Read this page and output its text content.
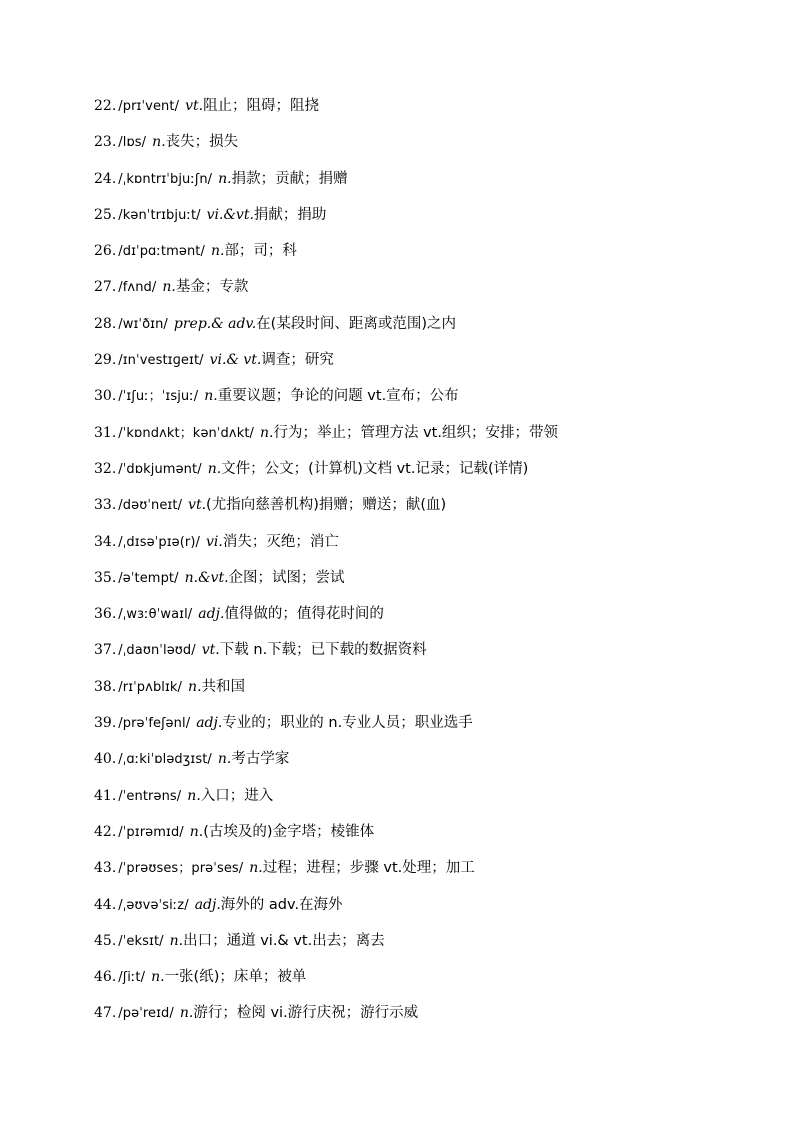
22. /prɪˈvent/ vt.阻止；阻碍；阻挠
23. /lɒs/ n.丧失；损失
24. /ˌkɒntrɪˈbjuːʃn/ n.捐款；贡献；捐赠
25. /kənˈtrɪbjuːt/ vi.&vt.捐献；捐助
26. /dɪˈpɑːtmənt/ n.部；司；科
27. /fʌnd/ n.基金；专款
28. /wɪˈðɪn/ prep.& adv.在(某段时间、距离或范围)之内
29. /ɪnˈvestɪɡeɪt/ vi.& vt.调查；研究
30. /ˈɪʃuː；ˈɪsjuː/ n.重要议题；争论的问题 vt.宣布；公布
31. /ˈkɒndʌkt；kənˈdʌkt/ n.行为；举止；管理方法 vt.组织；安排；带领
32. /ˈdɒkjumənt/ n.文件；公文；(计算机)文档 vt.记录；记载(详情)
33. /dəʊˈneɪt/ vt.(尤指向慈善机构)捐赠；赠送；献(血)
34. /ˌdɪsəˈpɪə(r)/ vi.消失；灭绝；消亡
35. /əˈtempt/ n.&vt.企图；试图；尝试
36. /ˌwɜːθˈwaɪl/ adj.值得做的；值得花时间的
37. /ˌdaʊnˈləʊd/ vt.下载 n.下载；已下载的数据资料
38. /rɪˈpʌblɪk/ n.共和国
39. /prəˈfeʃənl/ adj.专业的；职业的 n.专业人员；职业选手
40. /ˌɑːkiˈɒlədʒɪst/ n.考古学家
41. /ˈentrəns/ n.入口；进入
42. /ˈpɪrəmɪd/ n.(古埃及的)金字塔；棱锥体
43. /ˈprəʊses；prəˈses/ n.过程；进程；步骤 vt.处理；加工
44. /ˌəʊvəˈsiːz/ adj.海外的 adv.在海外
45. /ˈeksɪt/ n.出口；通道 vi.& vt.出去；离去
46. /ʃiːt/ n.一张(纸)；床单；被单
47. /pəˈreɪd/ n.游行；检阅 vi.游行庆祝；游行示威
